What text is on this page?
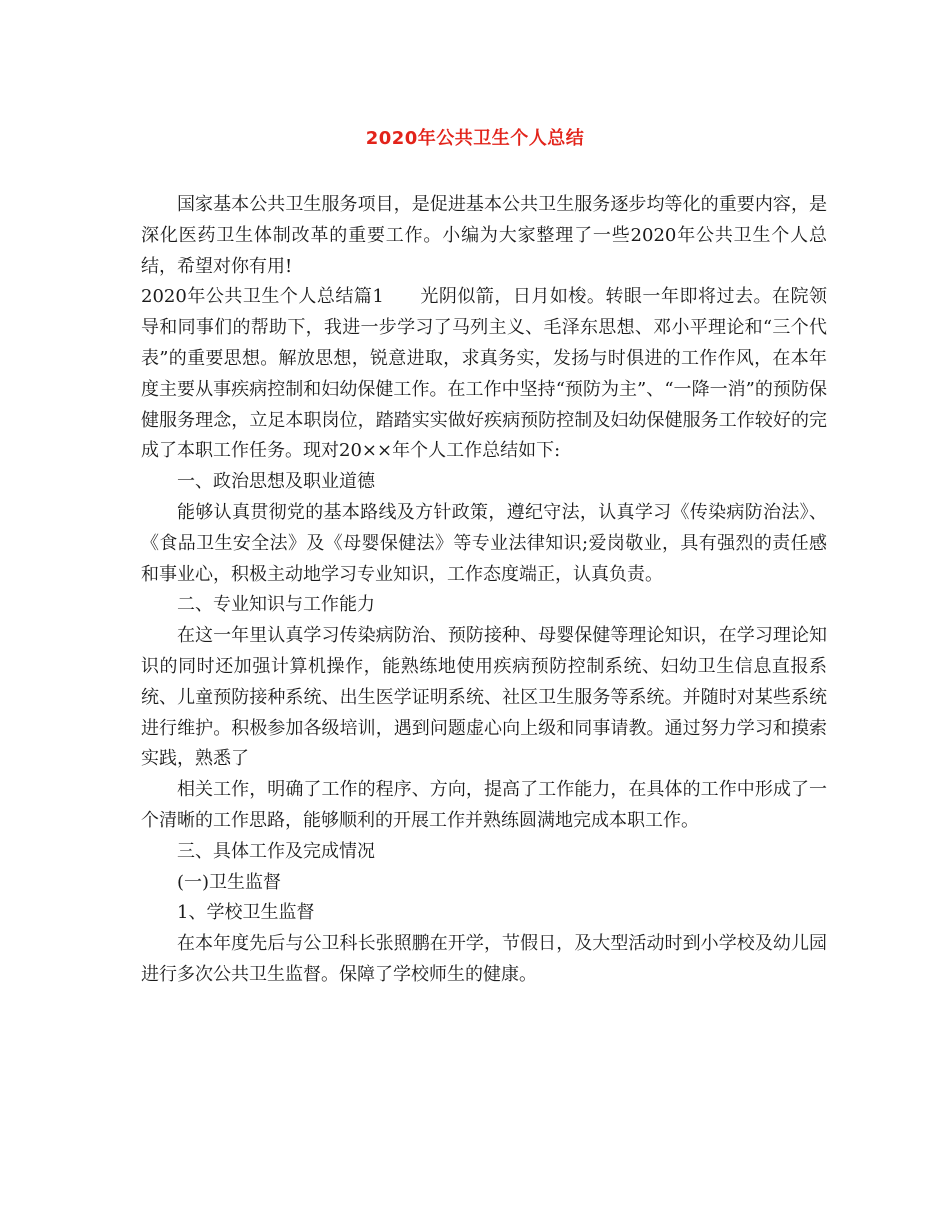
2020年公共卫生个人总结

国家基本公共卫生服务项目，是促进基本公共卫生服务逐步均等化的重要内容，是深化医药卫生体制改革的重要工作。小编为大家整理了一些2020年公共卫生个人总结，希望对你有用!

2020年公共卫生个人总结篇1 光阴似箭，日月如梭。转眼一年即将过去。在院领导和同事们的帮助下，我进一步学习了马列主义、毛泽东思想、邓小平理论和“三个代表”的重要思想。解放思想，锐意进取，求真务实，发扬与时俱进的工作作风，在本年度主要从事疾病控制和妇幼保健工作。在工作中坚持“预防为主”、“一降一消”的预防保健服务理念，立足本职岗位，踏踏实实做好疾病预防控制及妇幼保健服务工作较好的完成了本职工作任务。现对20××年个人工作总结如下:

一、政治思想及职业道德

能够认真贯彻党的基本路线及方针政策，遵纪守法，认真学习《传染病防治法》、《食品卫生安全法》及《母婴保健法》等专业法律知识;爱岗敬业，具有强烈的责任感和事业心，积极主动地学习专业知识，工作态度端正，认真负责。

二、专业知识与工作能力

在这一年里认真学习传染病防治、预防接种、母婴保健等理论知识，在学习理论知识的同时还加强计算机操作，能熟练地使用疾病预防控制系统、妇幼卫生信息直报系统、儿童预防接种系统、出生医学证明系统、社区卫生服务等系统。并随时对某些系统进行维护。积极参加各级培训，遇到问题虚心向上级和同事请教。通过努力学习和摸索实践，熟悉了

相关工作，明确了工作的程序、方向，提高了工作能力，在具体的工作中形成了一个清晰的工作思路，能够顺利的开展工作并熟练圆满地完成本职工作。

三、具体工作及完成情况

(一)卫生监督

1、学校卫生监督

在本年度先后与公卫科长张照鹏在开学，节假日，及大型活动时到小学校及幼儿园进行多次公共卫生监督。保障了学校师生的健康。
